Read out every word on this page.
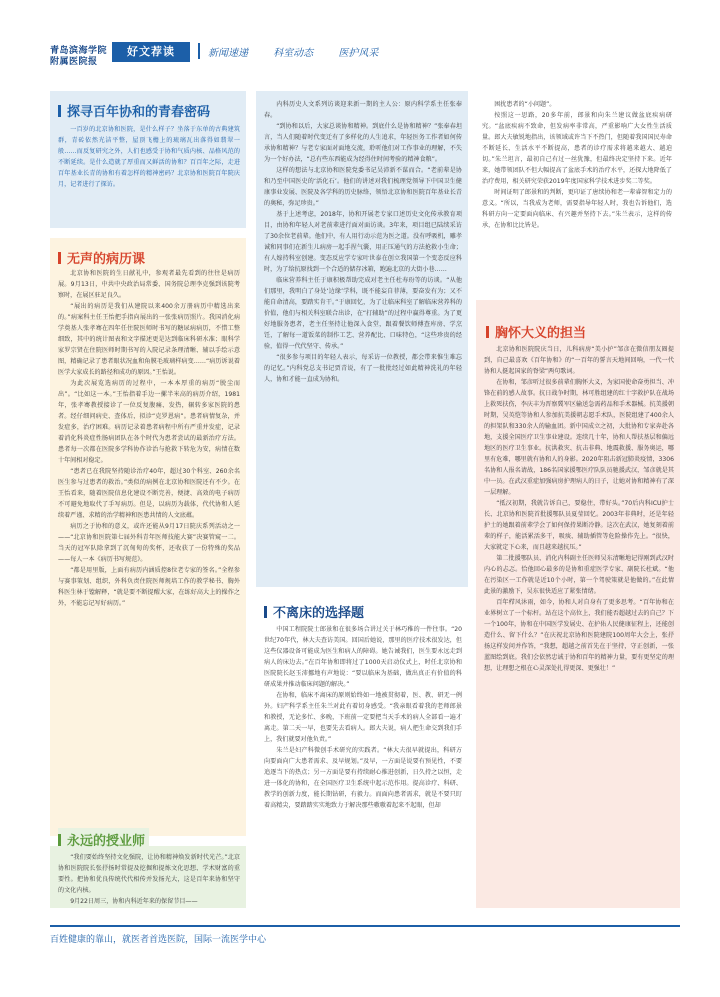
青岛滨海学院
附属医院报
好文荐读	新闻速递	科室动态	医护风采
探寻百年协和的青春密码

一百岁的北京协和医院，是什么样子？坐落于东单的古典建筑群，青砖依然光洁平整，屋顶飞檐上的琉璃瓦出落得如翡翠一般……而反复研究之外，人们也感受于协和气质内核、品格风范的不断延续。是什么造就了厚重而又鲜活的协和？百百年之际，走进百年基业长青的协和有着怎样的精神密码？北京协和医院百年院庆月，记者进行了探访。

无声的病历课

北京协和医院的生日献礼中，参观者最先看到的往往是病历展。9月13日，中共中央政治局常委、国务院总理李克强到该院考察时，在展区驻足良久。

“展出的病历是我们从建院以来400余万册病历中精选出来的。”病案科主任王怡把手指向展出的一张张病历照片。我国消化病学奠基人张孝骞在四年任住院医师时书写的糖尿病病历，不惜工整细致，其中的统计图表和文字描述更是达到临床科研水准；眼科学家罗宗贤在住院医师时期书写的入院记录条理清晰、辅以手绘示意图，精确记录了患者眼状况血和角膜毛玻璃样病变……“病历诉说着医学大家成长的路径和成功的原因。”王怡说。

为此次展览选病历的过程中，一本本厚重的病历“脱尘而出”。“比如这一本。”王怡指着手边一摞半米高的病历介绍，1981年，张孝骞教授接诊了一位反复腹痛、发热，辗转多家医院的患者。经仔细问病史、查体后，拟诊“克罗恩病”。患者病情复杂，并发症多，治疗困难。病历记录着患者病程中所有严重并发症，记录着消化科炎症性肠病团队在各个时代为患者尝试的最新治疗方法。患者每一次都在医院多学科协作诊治与抢救下转危为安，病情在数十年间相对稳定。

“患者已在我院坚持随诊治疗40年，超过30个科室、260余名医生参与过患者的救治。”类似的病例在北京协和医院还有不少。在王怡看来，随着医院信息化建设不断完善，便捷、高效的电子病历不可避免地取代了手写病历。但是，以病历为载体，代代协和人延续着严谨、求精的治学精神和医患共情的人文底蕴。

病历之于协和的意义，或许还能从9月17日院庆系列活动之一——“北京协和医院第七届外科青年医师技能大赛”决赛管窥一二。当天的冠军队除拿到了沉甸甸的奖杯，还收获了一份特殊的奖品——每人一本《病历书写规范》。

“都是用里版，上面有病历内涵质控8位老专家的签名。”全程参与赛事策划、组织，外科负责住院医师规培工作的教学秘书、胸外科医生林于镗解释，“就是要不断提醒大家，在练好高大上的操作之外，不能忘记写好病历。”

永远的授业师

“我们要始终坚持文化强院，让协和精神焕发新时代光芒。”北京协和医院院长张抒扬时常提及挖掘和提炼文化思想、学术财富的重要性。把协和优良传统代代相传并发扬光大，这是百年来协和坚守的文化内核。

9月22日周三，协和内科近年来的保留节目——

内科历史人文系列访谈迎来新一期的主人公：原内科学系主任张奉春。

“到协和以后，大家总谈协和精神。到底什么是协和精神？”张奉春坦言，当人们随着时代变迁有了多样化的人生追求，年轻医务工作者如何传承协和精神？与老专家面对面地交流，聆听他们对工作事业的理解，不失为一个好办法，“总有些东西能成为经得住时间考验的精神食粮”。

这样的想法与北京协和医院党委书记吴沛新不谋而合。“老前辈是协和乃至中国医史的‘活化石’。他们的讲述对我们梳理党领导下中国卫生健康事业发展、医院及各学科的历史脉络，领悟北京协和医院百年基业长青的奥秘，弥足珍贵。”

基于上述考虑，2018年，协和开展老专家口述历史文化传承教育项目，由协和年轻人对老前辈进行面对面访谈。3年来，项目组已陆续采访了30余位老前辈。他们中，有人用行动示范为医之道。没有呼吸机，雕孝诚和同事们在新生儿病房一起手捏气囊，用正压通气的方法抢救小生命；有人嫁持科室创建。变态反应学专家叶世泰在创立我国第一个变态反应科时，为了给抗原找到一个合适的储存冰箱，跑遍北京的大街小巷……

临床营养科主任于康积极帮助完成对老主任杜寿玢等的访谈。“从他们那里，我明白了身处‘边缘’学科，既不能妄自菲薄，要奋发有为；又不能自命清高，要踏实肯干。”于康回忆，为了让临床科室了解临床营养科的价值，他们与相关科室联合出诊，在“打辅助”的过程中赢得尊重。为了更好地服务患者，老主任坚持让他深入食堂，跟着餐饮师傅查库房、学烹饪，了解每一道饭菜的制作工艺、营养配比、口味特色，“这些珍贵的经验，值得一代代坚守、传承。”

“很多参与项目的年轻人表示，每采访一位教授，都会带来惟生难忘的记忆。”内科党总支书记贾青说，有了一批批经过如此精神洗礼的年轻人，协和才能一直成为协和。

不离床的选择题

中国工程院院士郎景和在很多场合讲过关于林巧稚的一件往事。“20世纪70年代，林大夫查访美国。回国后她说，那里的医疗技术很发达，但这些仪器设备可能成为医生和病人的障碍。她告诫我们，医生要永远走到病人的床边去。”在百年协和即将过了1000天启动仪式上，时任北京协和医院院长赵玉沛挪地有声地说：“要以临床为基础，做出真正有价值的科研成果并推动临床问题的解决。”

在协和，临床不离床的原则始终如一地被贯彻着，医、教、研无一例外。妇产科学系主任朱兰对此有着切身感受。“我亲眼看着我的老师郎景和教授，无论多忙、多晚，下班前一定要把当天手术的病人全部看一遍才离走。第二天一早，也要先去看病人。郎大夫说，病人把生命交到我们手上，我们就要对他负责。”

朱兰是妇产科微创手术研究的实践者。“林大夫很早就提出，科研方向要面向广大患者需求、及早规划。”及早，一方面是说要有预见性，不要追逐当下的热点；另一方面是要有持续耐心推进创新，日久持之以恒，走进一体化的协和，在全国医疗卫生系统中起示范作用。提高诊疗、科研、教学的创新力度，能长期钻研，有毅力。而面向患者需求，就是不要只盯着高精尖，要踏踏实实地致力于解决那些嗷嗷着起来不起眼，但却

困扰患者的“小问题”。

按照这一思路，20多年前，郎景和向朱兰建议做盆底疾病研究。“盆底疾病不致命，但发病率非常高，严重影响广大女性生活质量。郎大夫敏锐地指出，该领域或许当下不热门，但随着我国国民寿命不断延长、生活水平不断提高，患者的诊疗需求将越来越大、越迫切。”朱兰坦言，最初自己有过一丝犹豫，但最终决定坚持下来。近年来，她带领团队不但大幅提高了盆底手术的治疗水平，还探大地降低了治疗费用，相关研究荣获2019年度国家科学技术进步奖二等奖。

时间证明了郎景和的判断，更印证了唐续协和老一辈睿智和定力的意义。“所以，当我成为老师，需要指导年轻人时，我也告诉他们，选科研方向一定要面向临床、有兴趣并坚持下去。”朱兰表示，这样的传承，在协和比比皆是。

胸怀大义的担当

北京协和医院院庆当日，儿科病房“美小护”邹彦在微信朋友圈提到，自己最喜欢《百年协和》的“一百年的誓言天地间回响，一代一代协和人挺起国家的脊梁”两句歌词。

在协和，邹彦听过很多前辈们胸怀大义，为家国使命奋勇担当、冲锋在前的感人故事。抗日战争时期，林可胜组建的红十字救护队在战场上救死扶伤，李庆丰为晋察冀军区输送急需药品和手术器械。抗美援朝时期，吴英恺等协和人参加抗美援朝志愿手术队，医院组建了400余人的担架队和330余人的输血团。新中国成立之初，大批协和专家奔赴各地，支援全国医疗卫生事业建设。连续几十年，协和人帮扶基层和偏远地区的医疗卫生事业。抗洪救灾、抗击非典、地震救援、服务奥运，哪里有危难，哪里就有协和人的身影。2020年阻击新冠肺炎疫情，3306名协和人报名请战，186名国家援鄂医疗队队员驰援武汉，邹彦就是其中一员。在武汉重症加强病房护理病人的日子，让她对协和精神有了深一层理解。

“抵汉初期，我就告诉自己，要稳住，带好头。”70后内科ICU护士长、北京协和医院首批援鄂队员夏莹回忆。2003年非典时，还是年轻护士的她跟着前辈学会了如何保持果断冷静。这次在武汉，她复刻着前辈的样子，能活累活多干，吸痰、辅助插管等危险操作先上。“很快，大家就定下心来，而且越来越抗压。”

第二批援鄂队员、消化内科副主任医师吴东清晰地记得刚到武汉时内心的忐忑。恰他回心最多的是协和重症医学专家、副院长杜斌。“他在污染区一工作就是近10个小时，第一个驾驶策就是他做的。”在此情此景的激励下，吴东很快适应了紧张情绪。

百年栉风沐雨，如今，协和人对自身有了更多思考。“百年协和在业界树立了一个标杆。站在这个高位上，我们能否超越过去的自己？下一个100年，协和在中国医学发展史、在护佑人民健康征程上，还能创造什么、留下什么？”在庆祝北京协和医院建院100周年大会上，张抒扬这样发问并作答，“我想，超越之前首先在于坚持，守正创新，一张蓝图绘到底。我们会依然忠诚于协和百年的精神力量，要有更坚定的理想，让理想之根在心灵深处扎得更深、更强壮！”

百姓健康的靠山，就医者首选医院，国际一流医学中心
